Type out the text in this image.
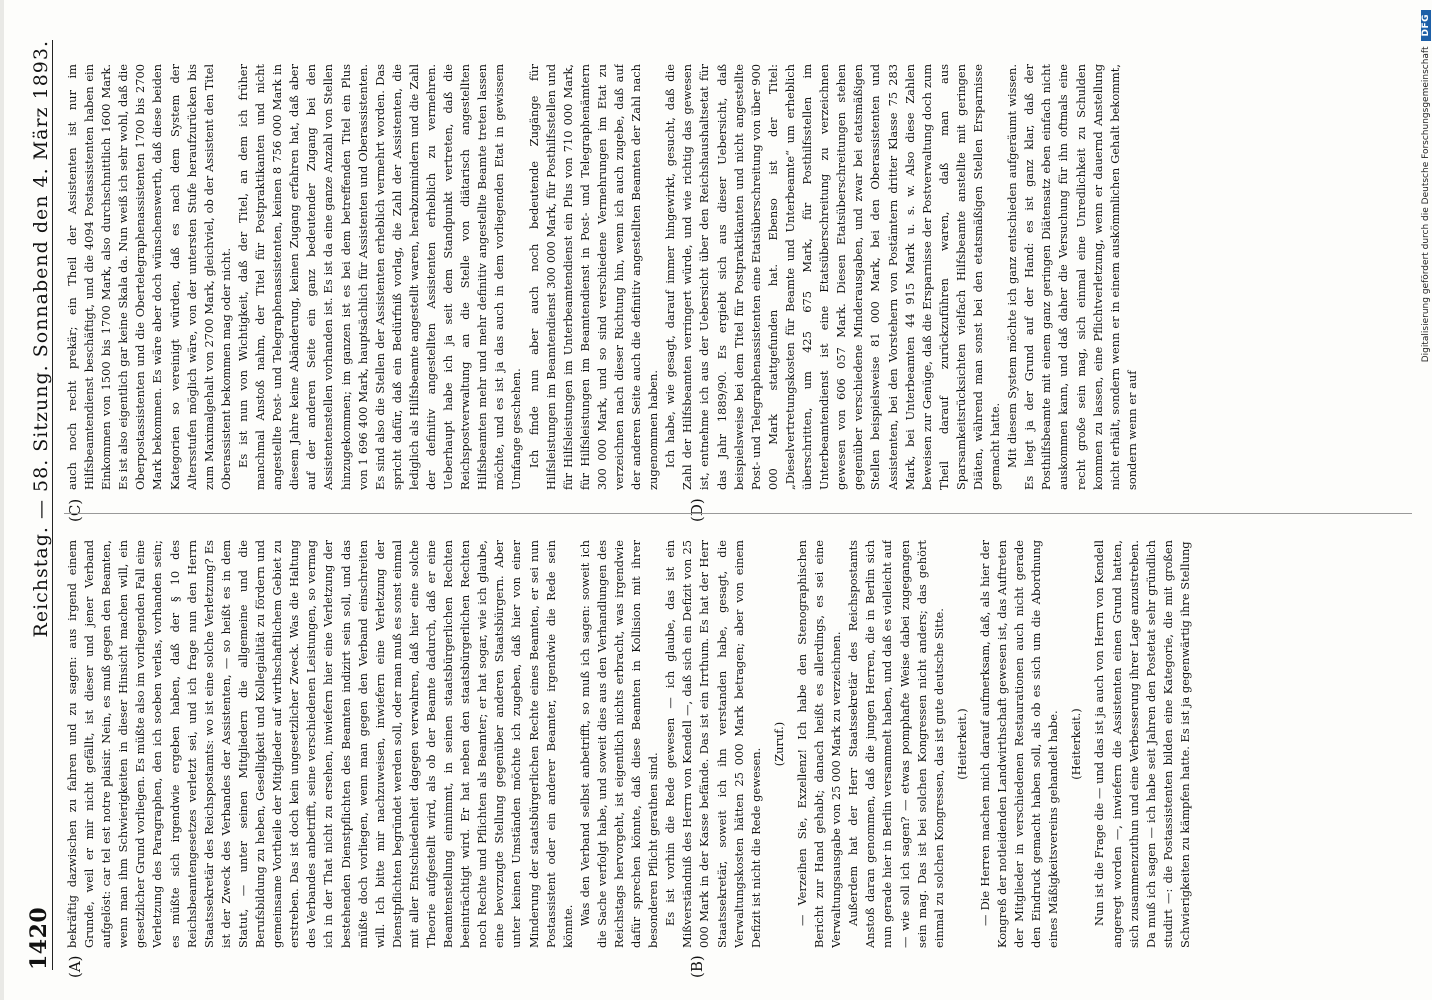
1420
Reichstag. — 58. Sitzung. Sonnabend den 4. März 1893.
(A)	(B)
(C)	(D)

bekräftig dazwischen zu fahren und zu sagen: aus irgend einem Grunde, weil er mir nicht gefällt, ist dieser und jener Verband aufgelöst: car tel est notre plaisir. Nein, es muß gegen den Beamten, wenn man ihm Schwierigkeiten in dieser Hinsicht machen will, ein gesetzlicher Grund vorliegen. Es müßte also im vorliegenden Fall eine Verletzung des Paragraphen, den ich soeben verlas, vorhanden sein; es müßte sich irgendwie ergeben haben, daß der § 10 des Reichsbeamtengesetzes verletzt sei, und ich frage nun den Herrn Staatssekretär des Reichspostamts: wo ist eine solche Verletzung? Es ist der Zweck des Verbandes der Assistenten, — so heißt es in dem Statut, — unter seinen Mitgliedern die allgemeine und die Berufsbildung zu heben, Geselligkeit und Kollegialität zu fördern und gemeinsame Vortheile der Mitglieder auf wirthschaftlichem Gebiet zu erstreben. Das ist doch kein ungesetzlicher Zweck. Was die Haltung des Verbandes anbetrifft, seine verschiedenen Leistungen, so vermag ich in der That nicht zu ersehen, inwiefern hier eine Verletzung der bestehenden Dienstpflichten des Beamten indizirt sein soll, und das müßte doch vorliegen, wenn man gegen den Verband einschreiten will. Ich bitte mir nachzuweisen, inwiefern eine Verletzung der Dienstpflichten begründet werden soll, oder man muß es sonst einmal mit aller Entschiedenheit dagegen verwahren, daß hier eine solche Theorie aufgestellt wird, als ob der Beamte dadurch, daß er eine Beamtenstellung einnimmt, in seinen staatsbürgerlichen Rechten beeinträchtigt wird. Er hat neben den staatsbürgerlichen Rechten noch Rechte und Pflichten als Beamter; er hat sogar, wie ich glaube, eine bevorzugte Stellung gegenüber anderen Staatsbürgern. Aber unter keinen Umständen möchte ich zugeben, daß hier von einer Minderung der staatsbürgerlichen Rechte eines Beamten, er sei nun Postassistent oder ein anderer Beamter, irgendwie die Rede sein könnte.

Was den Verband selbst anbetrifft, so muß ich sagen: soweit ich die Sache verfolgt habe, und soweit dies aus den Verhandlungen des Reichstags hervorgeht, ist eigentlich nichts erbracht, was irgendwie dafür sprechen könnte, daß diese Beamten in Kollision mit ihrer besonderen Pflicht gerathen sind. Es ist vorhin die Rede gewesen — ich glaube, das ist ein Mißverständniß des Herrn von Kendell —, daß sich ein Defizit von 25 000 Mark in der Kasse befände. Das ist ein Irrthum. Es hat der Herr Staatssekretär, soweit ich ihn verstanden habe, gesagt, die Verwaltungskosten hätten 25 000 Mark betragen; aber von einem Defizit ist nicht die Rede gewesen.

(Zuruf.) — Verzeihen Sie, Exzellenz! Ich habe den Stenographischen Bericht zur Hand gehabt; danach heißt es allerdings, es sei eine Verwaltungsausgabe von 25 000 Mark zu verzeichnen. Außerdem hat der Herr Staatssekretär des Reichspostamts Anstoß daran genommen, daß die jungen Herren, die in Berlin sich nun gerade hier in Berlin versammelt haben, und daß es vielleicht auf — wie soll ich sagen? — etwas pomphafte Weise dabei zugegangen sein mag. Das ist bei solchen Kongressen nicht anders; das gehört einmal zu solchen Kongressen, das ist gute deutsche Sitte. (Heiterkeit.) — Die Herren machen mich darauf aufmerksam, daß, als hier der Kongreß der notleidenden Landwirthschaft gewesen ist, das Auftreten der Mitglieder in verschiedenen Restaurationen auch nicht gerade den Eindruck gemacht haben soll, als ob es sich um die Abordnung eines Mäßigkeitsvereins gehandelt habe. (Heiterkeit.) Nun ist die Frage die — und das ist ja auch von Herrn von Kendell angeregt worden —, inwiefern die Assistenten einen Grund hatten, sich zusammenzuthun und eine Verbesserung ihrer Lage anzustreben. Da muß ich sagen — ich habe seit Jahren den Postetat sehr gründlich studirt —: die Postassistenten bilden eine Kategorie, die mit großen Schwierigkeiten zu kämpfen hatte. Es ist ja gegenwärtig ihre Stellung

auch noch recht prekär; ein Theil der Assistenten ist nur im Hilfsbeamtendienst beschäftigt, und die 4094 Postassistenten haben ein Einkommen von 1500 bis 1700 Mark, also durchschnittlich 1600 Mark. Es ist also eigentlich gar keine Skala da. Nun weiß ich sehr wohl, daß die Oberpostassistenten und die Obertelegraphenassistenten 1700 bis 2700 Mark bekommen. Es wäre aber doch wünschenswerth, daß diese beiden Kategorien so vereinigt würden, daß es nach dem System der Altersstufen möglich wäre, von der untersten Stufe heraufzurücken bis zum Maximalgehalt von 2700 Mark, gleichviel, ob der Assistent den Titel Oberassistent bekommen mag oder nicht. Es ist nun von Wichtigkeit, daß der Titel, an dem ich früher manchmal Anstoß nahm, der Titel für Postpraktikanten und nicht angestellte Post- und Telegraphenassistenten, keinen 8 756 000 Mark in diesem Jahre keine Abänderung, keinen Zugang erfahren hat, daß aber auf der anderen Seite ein ganz bedeutender Zugang bei den Assistentenstellen vorhanden ist. Es ist da eine ganze Anzahl von Stellen hinzugekommen; im ganzen ist es bei dem betreffenden Titel ein Plus von 1 696 400 Mark, hauptsächlich für Assistenten und Oberassistenten. Es sind also die Stellen der Assistenten erheblich vermehrt worden. Das spricht dafür, daß ein Bedürfniß vorlag, die Zahl der Assistenten, die lediglich als Hilfsbeamte angestellt waren, herabzumindern und die Zahl der definitiv angestellten Assistenten erheblich zu vermehren. Ueberhaupt habe ich ja seit dem Standpunkt vertreten, daß die Reichspostverwaltung an die Stelle von diätarisch angestellten Hilfsbeamten mehr und mehr definitiv angestellte Beamte treten lassen möchte, und es ist ja das auch in dem vorliegenden Etat in gewissem Umfange geschehen. Ich finde nun aber auch noch bedeutende Zugänge für Hilfsleistungen im Beamtendienst 300 000 Mark, für Posthilfsstellen und für Hilfsleistungen im Unterbeamtendienst ein Plus von 710 000 Mark, für Hilfsleistungen im Beamtendienst in Post- und Telegraphenämtern 300 000 Mark, und so sind verschiedene Vermehrungen im Etat zu verzeichnen nach dieser Richtung hin, wenn ich auch zugebe, daß auf der anderen Seite auch die definitiv angestellten Beamten der Zahl nach zugenommen haben. Ich habe, wie gesagt, darauf immer hingewirkt, gesucht, daß die Zahl der Hilfsbeamten verringert würde, und wie richtig das gewesen ist, entnehme ich aus der Uebersicht über den Reichshaushaltsetat für das Jahr 1889/90. Es ergiebt sich aus dieser Uebersicht, daß beispielsweise bei dem Titel für Postpraktikanten und nicht angestellte Post- und Telegraphenassistenten eine Etatsüberschreitung von über 900 000 Mark stattgefunden hat. Ebenso ist der Titel: „Dieselvertretungskosten für Beamte und Unterbeamte“ um erheblich überschritten, um 425 675 Mark, für Posthilfsstellen im Unterbeamtendienst ist eine Etatsüberschreitung zu verzeichnen gewesen von 606 057 Mark. Diesen Etatsüberschreitungen stehen gegenüber verschiedene Minderausgaben, und zwar bei etatsmäßigen Stellen beispielsweise 81 000 Mark, bei den Oberassistenten und Assistenten, bei den Vorstehern von Postämtern dritter Klasse 75 283 Mark, bei Unterbeamten 44 915 Mark u. s. w. Also diese Zahlen beweisen zur Genüge, daß die Ersparnisse der Postverwaltung doch zum Theil darauf zurückzuführen waren, daß man aus Sparsamkeitsrücksichten vielfach Hilfsbeamte anstellte mit geringen Diäten, während man sonst bei den etatsmäßigen Stellen Ersparnisse gemacht hatte. Mit diesem System möchte ich ganz entschieden aufgeräumt wissen. Es liegt ja der Grund auf der Hand: es ist ganz klar, daß der Posthilfsbeamte mit einem ganz geringen Diätensatz eben einfach nicht auskommen kann, und daß daher die Versuchung für ihn oftmals eine recht große sein mag, sich einmal eine Unredlichkeit zu Schulden kommen zu lassen, eine Pflichtverletzung, wenn er dauernd Anstellung nicht erhält, sondern wenn er in einem auskömmlichen Gehalt bekommt, sondern wenn er auf

Digitalisierung gefördert durch die Deutsche Forschungsgemeinschaft
DFG
